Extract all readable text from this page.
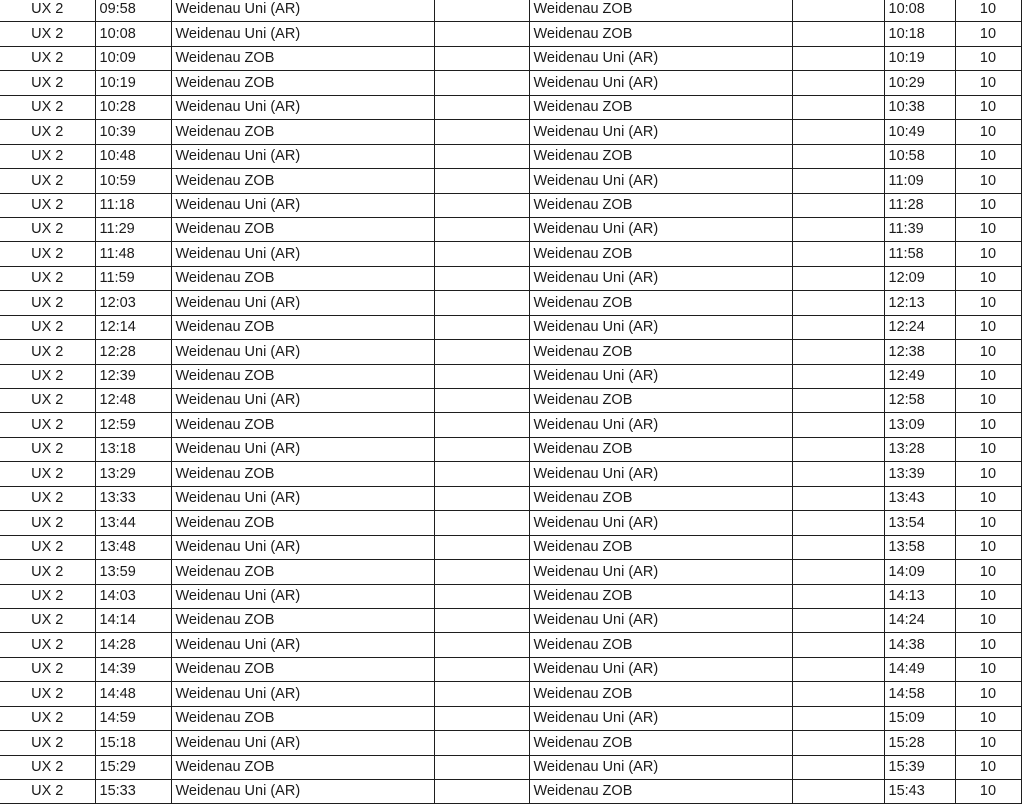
UX 2	09:58	Weidenau Uni (AR)		Weidenau ZOB		10:08	10
UX 2	10:08	Weidenau Uni (AR)		Weidenau ZOB		10:18	10
UX 2	10:09	Weidenau ZOB		Weidenau Uni (AR)		10:19	10
UX 2	10:19	Weidenau ZOB		Weidenau Uni (AR)		10:29	10
UX 2	10:28	Weidenau Uni (AR)		Weidenau ZOB		10:38	10
UX 2	10:39	Weidenau ZOB		Weidenau Uni (AR)		10:49	10
UX 2	10:48	Weidenau Uni (AR)		Weidenau ZOB		10:58	10
UX 2	10:59	Weidenau ZOB		Weidenau Uni (AR)		11:09	10
UX 2	11:18	Weidenau Uni (AR)		Weidenau ZOB		11:28	10
UX 2	11:29	Weidenau ZOB		Weidenau Uni (AR)		11:39	10
UX 2	11:48	Weidenau Uni (AR)		Weidenau ZOB		11:58	10
UX 2	11:59	Weidenau ZOB		Weidenau Uni (AR)		12:09	10
UX 2	12:03	Weidenau Uni (AR)		Weidenau ZOB		12:13	10
UX 2	12:14	Weidenau ZOB		Weidenau Uni (AR)		12:24	10
UX 2	12:28	Weidenau Uni (AR)		Weidenau ZOB		12:38	10
UX 2	12:39	Weidenau ZOB		Weidenau Uni (AR)		12:49	10
UX 2	12:48	Weidenau Uni (AR)		Weidenau ZOB		12:58	10
UX 2	12:59	Weidenau ZOB		Weidenau Uni (AR)		13:09	10
UX 2	13:18	Weidenau Uni (AR)		Weidenau ZOB		13:28	10
UX 2	13:29	Weidenau ZOB		Weidenau Uni (AR)		13:39	10
UX 2	13:33	Weidenau Uni (AR)		Weidenau ZOB		13:43	10
UX 2	13:44	Weidenau ZOB		Weidenau Uni (AR)		13:54	10
UX 2	13:48	Weidenau Uni (AR)		Weidenau ZOB		13:58	10
UX 2	13:59	Weidenau ZOB		Weidenau Uni (AR)		14:09	10
UX 2	14:03	Weidenau Uni (AR)		Weidenau ZOB		14:13	10
UX 2	14:14	Weidenau ZOB		Weidenau Uni (AR)		14:24	10
UX 2	14:28	Weidenau Uni (AR)		Weidenau ZOB		14:38	10
UX 2	14:39	Weidenau ZOB		Weidenau Uni (AR)		14:49	10
UX 2	14:48	Weidenau Uni (AR)		Weidenau ZOB		14:58	10
UX 2	14:59	Weidenau ZOB		Weidenau Uni (AR)		15:09	10
UX 2	15:18	Weidenau Uni (AR)		Weidenau ZOB		15:28	10
UX 2	15:29	Weidenau ZOB		Weidenau Uni (AR)		15:39	10
UX 2	15:33	Weidenau Uni (AR)		Weidenau ZOB		15:43	10
